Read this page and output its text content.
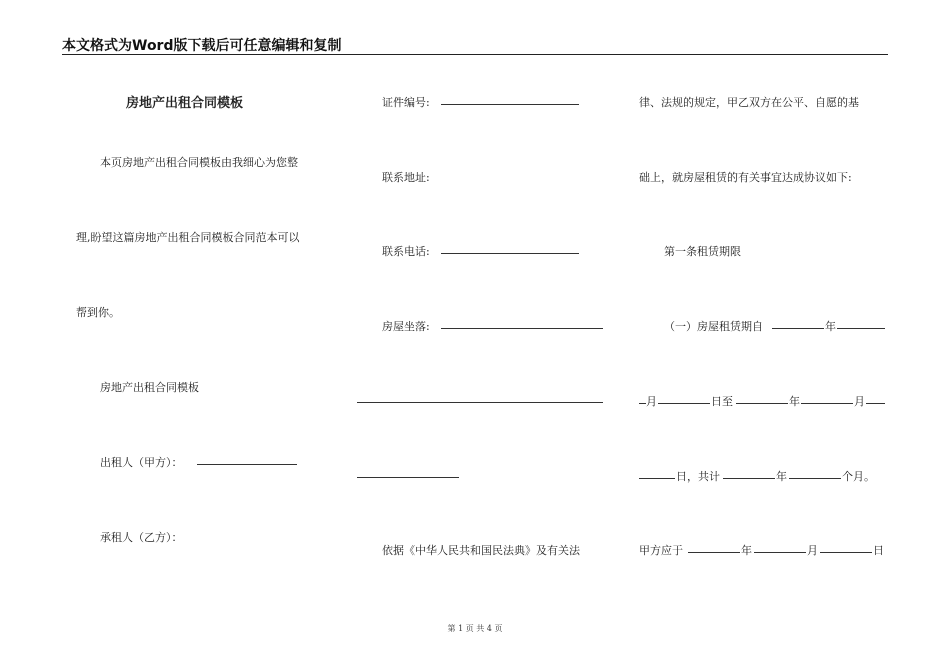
本文格式为Word版下载后可任意编辑和复制
房地产出租合同模板
本页房地产出租合同模板由我细心为您整
理,盼望这篇房地产出租合同模板合同范本可以
帮到你。
房地产出租合同模板
出租人（甲方）：
承租人（乙方）：
证件编号:
联系地址:
联系电话:
房屋坐落:
依据《中华人民共和国民法典》及有关法
律、法规的规定，甲乙双方在公平、自愿的基
础上，就房屋租赁的有关事宜达成协议如下:
第一条租赁期限
（一）房屋租赁期自	年
月	日至	年	月
日，共计	年	个月。
甲方应于	年	月	日
第 1 页 共 4 页
